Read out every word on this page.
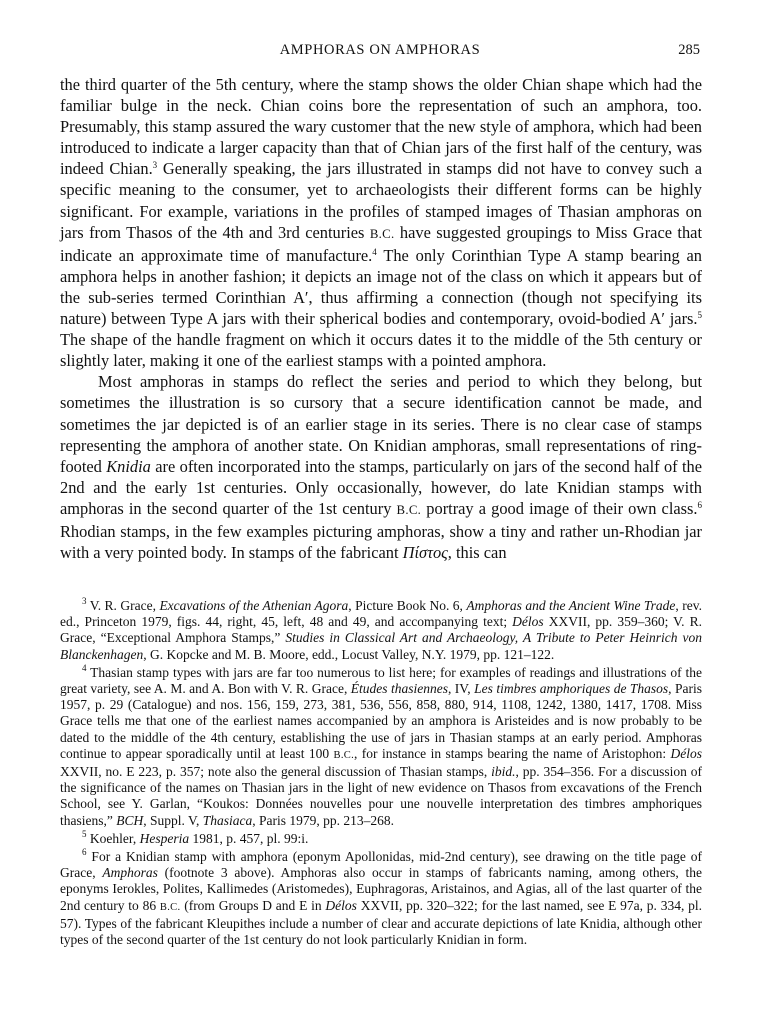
AMPHORAS ON AMPHORAS	285

the third quarter of the 5th century, where the stamp shows the older Chian shape which had the familiar bulge in the neck. Chian coins bore the representation of such an amphora, too. Presumably, this stamp assured the wary customer that the new style of amphora, which had been introduced to indicate a larger capacity than that of Chian jars of the first half of the century, was indeed Chian.$^3$ Generally speaking, the jars illustrated in stamps did not have to convey such a specific meaning to the consumer, yet to archaeologists their different forms can be highly significant. For example, variations in the profiles of stamped images of Thasian amphoras on jars from Thasos of the 4th and 3rd centuries B.C. have suggested groupings to Miss Grace that indicate an approximate time of manufacture.$^4$ The only Corinthian Type A stamp bearing an amphora helps in another fashion; it depicts an image not of the class on which it appears but of the sub-series termed Corinthian A′, thus affirming a connection (though not specifying its nature) between Type A jars with their spherical bodies and contemporary, ovoid-bodied A′ jars.$^5$ The shape of the handle fragment on which it occurs dates it to the middle of the 5th century or slightly later, making it one of the earliest stamps with a pointed amphora.

Most amphoras in stamps do reflect the series and period to which they belong, but sometimes the illustration is so cursory that a secure identification cannot be made, and sometimes the jar depicted is of an earlier stage in its series. There is no clear case of stamps representing the amphora of another state. On Knidian amphoras, small representations of ring-footed Knidia are often incorporated into the stamps, particularly on jars of the second half of the 2nd and the early 1st centuries. Only occasionally, however, do late Knidian stamps with amphoras in the second quarter of the 1st century B.C. portray a good image of their own class.$^6$ Rhodian stamps, in the few examples picturing amphoras, show a tiny and rather un-Rhodian jar with a very pointed body. In stamps of the fabricant Πίστος, this can

$^3$ V. R. Grace, Excavations of the Athenian Agora, Picture Book No. 6, Amphoras and the Ancient Wine Trade, rev. ed., Princeton 1979, figs. 44, right, 45, left, 48 and 49, and accompanying text; Délos XXVII, pp. 359–360; V. R. Grace, “Exceptional Amphora Stamps,” Studies in Classical Art and Archaeology, A Tribute to Peter Heinrich von Blanckenhagen, G. Kopcke and M. B. Moore, edd., Locust Valley, N.Y. 1979, pp. 121–122.

$^4$ Thasian stamp types with jars are far too numerous to list here; for examples of readings and illustrations of the great variety, see A. M. and A. Bon with V. R. Grace, Études thasiennes, IV, Les timbres amphoriques de Thasos, Paris 1957, p. 29 (Catalogue) and nos. 156, 159, 273, 381, 536, 556, 858, 880, 914, 1108, 1242, 1380, 1417, 1708. Miss Grace tells me that one of the earliest names accompanied by an amphora is Aristeides and is now probably to be dated to the middle of the 4th century, establishing the use of jars in Thasian stamps at an early period. Amphoras continue to appear sporadically until at least 100 B.C., for instance in stamps bearing the name of Aristophon: Délos XXVII, no. E 223, p. 357; note also the general discussion of Thasian stamps, ibid., pp. 354–356. For a discussion of the significance of the names on Thasian jars in the light of new evidence on Thasos from excavations of the French School, see Y. Garlan, “Koukos: Données nouvelles pour une nouvelle interpretation des timbres amphoriques thasiens,” BCH, Suppl. V, Thasiaca, Paris 1979, pp. 213–268.

$^5$ Koehler, Hesperia 1981, p. 457, pl. 99:i.

$^6$ For a Knidian stamp with amphora (eponym Apollonidas, mid-2nd century), see drawing on the title page of Grace, Amphoras (footnote 3 above). Amphoras also occur in stamps of fabricants naming, among others, the eponyms Ierokles, Polites, Kallimedes (Aristomedes), Euphragoras, Aristainos, and Agias, all of the last quarter of the 2nd century to 86 B.C. (from Groups D and E in Délos XXVII, pp. 320–322; for the last named, see E 97a, p. 334, pl. 57). Types of the fabricant Kleupithes include a number of clear and accurate depictions of late Knidia, although other types of the second quarter of the 1st century do not look particularly Knidian in form.
